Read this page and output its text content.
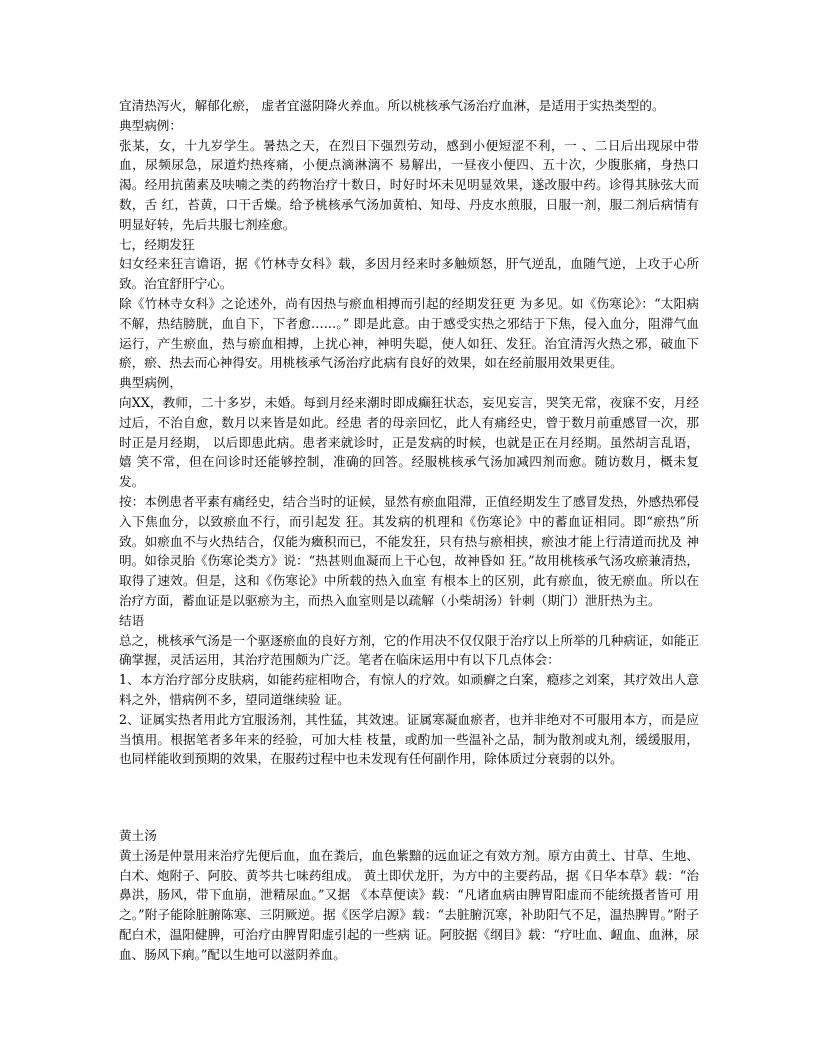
宜清热泻火，解郁化瘀， 虚者宜滋阴降火养血。所以桃核承气汤治疗血淋，是适用于实热类型的。

典型病例：

张某，女，十九岁学生。暑热之天，在烈日下强烈劳动，感到小便短涩不利，一 、二日后出现尿中带血，尿频尿急，尿道灼热疼痛，小便点滴淋漓不 易解出，一昼夜小便四、五十次，少腹胀痛，身热口渴。经用抗菌素及呋喃之类的药物治疗十数日，时好时坏未见明显效果，遂改服中药。诊得其脉弦大而数，舌 红，苔黄，口干舌燥。给予桃核承气汤加黄柏、知母、丹皮水煎服，日服一剂，服二剂后病情有明显好转，先后共服七剂痊愈。

七，经期发狂

妇女经来狂言谵语，据《竹林寺女科》载，多因月经来时多触烦怒，肝气逆乱，血随气逆，上攻于心所致。治宜舒肝宁心。

除《竹林寺女科》之论述外，尚有因热与瘀血相搏而引起的经期发狂更 为多见。如《伤寒论》：“太阳病不解，热结膀胱，血自下，下者愈……。” 即是此意。由于感受实热之邪结于下焦，侵入血分，阻滞气血运行，产生瘀血，热与瘀血相搏，上扰心神，神明失聪，使人如狂、发狂。治宜清泻火热之邪，破血下 瘀，瘀、热去而心神得安。用桃核承气汤治疗此病有良好的效果，如在经前服用效果更佳。

典型病例，

向XX，教师，二十多岁，未婚。每到月经来潮时即成癫狂状态，妄见妄言，哭笑无常，夜寐不安，月经过后，不治自愈，数月以来皆是如此。经患 者的母亲回忆，此人有痛经史，曾于数月前重感冒一次，那时正是月经期， 以后即患此病。患者来就诊时，正是发病的时候，也就是正在月经期。虽然胡言乱语，嬉 笑不常，但在问诊时还能够控制，准确的回答。经服桃核承气汤加减四剂而愈。随访数月，概未复发。

按：本例患者平素有痛经史，结合当时的证候，显然有瘀血阻滞，正值经期发生了感冒发热，外感热邪侵入下焦血分，以致瘀血不行，而引起发 狂。其发病的机理和《伤寒论》中的蓄血证相同。即“瘀热”所致。如瘀血不与火热结合，仅能为癥积而已，不能发狂，只有热与瘀相挟，瘀浊才能上行清道而扰及 神明。如徐灵胎《伤寒论类方》说：“热甚则血凝而上干心包，故神昏如 狂。”故用桃核承气汤攻瘀兼清热，取得了速效。但是，这和《伤寒论》中所载的热入血室 有根本上的区别，此有瘀血，彼无瘀血。所以在治疗方面，蓄血证是以驱瘀为主，而热入血室则是以疏解（小柴胡汤）针刺（期门）泄肝热为主。

结语

总之，桃核承气汤是一个驱逐瘀血的良好方剂，它的作用决不仅仅限于治疗以上所举的几种病证，如能正确掌握，灵活运用，其治疗范围颇为广泛。笔者在临床运用中有以下几点体会：

1、本方治疗部分皮肤病，如能药症相吻合，有惊人的疗效。如顽癣之白案，瘾疹之刘案，其疗效出人意料之外，惜病例不多，望同道继续验 证。

2、证属实热者用此方宜服汤剂，其性猛，其效速。证属寒凝血瘀者，也并非绝对不可服用本方，而是应当慎用。根据笔者多年来的经验，可加大桂 枝量，或酌加一些温补之品，制为散剂或丸剂，缓缓服用，也同样能收到预期的效果，在服药过程中也未发现有任何副作用，除体质过分衰弱的以外。

黄土汤

黄土汤是仲景用来治疗先便后血，血在粪后，血色紫黯的远血证之有效方剂。原方由黄土、甘草、生地、白术、炮附子、阿胶、黄芩共七味药组成。 黄土即伏龙肝，为方中的主要药品，据《日华本草》载：“治鼻洪，肠风，带下血崩，泄精尿血。”又据 《本草便读》载：“凡诸血病由脾胃阳虚而不能统摄者皆可 用之。”附子能除脏腑陈寒、三阴厥逆。据《医学启源》载：“去脏腑沉寒，补助阳气不足，温热脾胃。”附子配白术，温阳健脾，可治疗由脾胃阳虚引起的一些病 证。阿胶据《纲目》载：“疗吐血、衄血、血淋，尿血、肠风下痢。”配以生地可以滋阴养血。
